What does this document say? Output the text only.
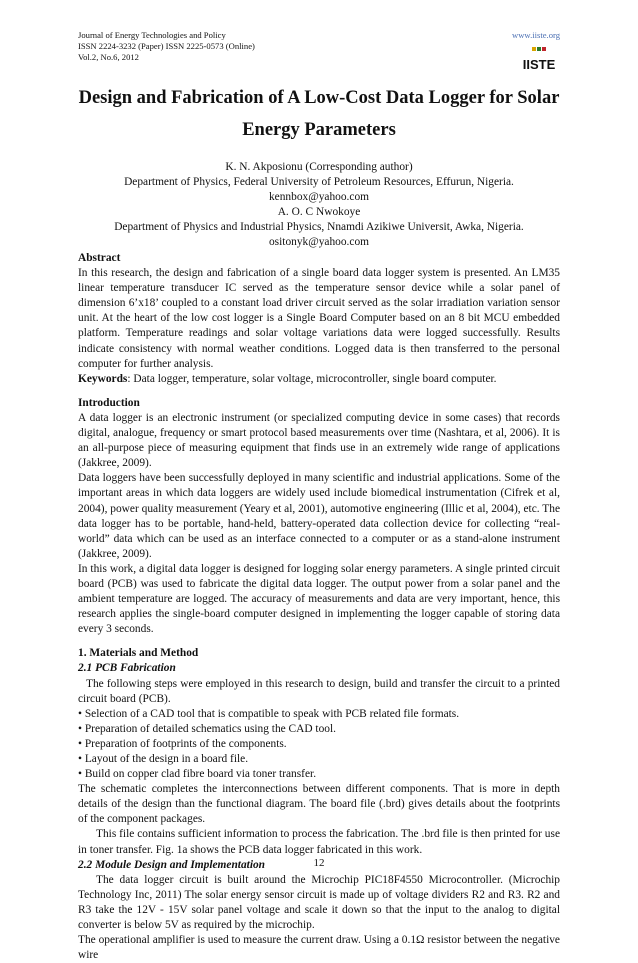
Journal of Energy Technologies and Policy
ISSN 2224-3232 (Paper) ISSN 2225-0573 (Online)
Vol.2, No.6, 2012
www.iiste.org
IISTE
Design and Fabrication of A Low-Cost Data Logger for Solar
Energy Parameters
K. N. Akposionu (Corresponding author)
Department of Physics, Federal University of Petroleum Resources, Effurun, Nigeria.
kennbox@yahoo.com
A. O. C Nwokoye
Department of Physics and Industrial Physics, Nnamdi Azikiwe Universit, Awka, Nigeria.
ositonyk@yahoo.com

Abstract

In this research, the design and fabrication of a single board data logger system is presented. An LM35 linear temperature transducer IC served as the temperature sensor device while a solar panel of dimension 6’x18’ coupled to a constant load driver circuit served as the solar irradiation variation sensor unit. At the heart of the low cost logger is a Single Board Computer based on an 8 bit MCU embedded platform. Temperature readings and solar voltage variations data were logged successfully. Results indicate consistency with normal weather conditions. Logged data is then transferred to the personal computer for further analysis.

Keywords: Data logger, temperature, solar voltage, microcontroller, single board computer.

Introduction

A data logger is an electronic instrument (or specialized computing device in some cases) that records digital, analogue, frequency or smart protocol based measurements over time (Nashtara, et al, 2006). It is an all-purpose piece of measuring equipment that finds use in an extremely wide range of applications (Jakkree, 2009).

Data loggers have been successfully deployed in many scientific and industrial applications. Some of the important areas in which data loggers are widely used include biomedical instrumentation (Cifrek et al, 2004), power quality measurement (Yeary et al, 2001), automotive engineering (Illic et al, 2004), etc. The data logger has to be portable, hand-held, battery-operated data collection device for collecting “real-world” data which can be used as an interface connected to a computer or as a stand-alone instrument (Jakkree, 2009).

In this work, a digital data logger is designed for logging solar energy parameters. A single printed circuit board (PCB) was used to fabricate the digital data logger. The output power from a solar panel and the ambient temperature are logged. The accuracy of measurements and data are very important, hence, this research applies the single-board computer designed in implementing the logger capable of storing data every 3 seconds.

1. Materials and Method

2.1 PCB Fabrication

The following steps were employed in this research to design, build and transfer the circuit to a printed circuit board (PCB).

• Selection of a CAD tool that is compatible to speak with PCB related file formats.

• Preparation of detailed schematics using the CAD tool.

• Preparation of footprints of the components.

• Layout of the design in a board file.

• Build on copper clad fibre board via toner transfer.

The schematic completes the interconnections between different components. That is more in depth details of the design than the functional diagram. The board file (.brd) gives details about the footprints of the component packages.

This file contains sufficient information to process the fabrication. The .brd file is then printed for use in toner transfer. Fig. 1a shows the PCB data logger fabricated in this work.

2.2 Module Design and Implementation

The data logger circuit is built around the Microchip PIC18F4550 Microcontroller. (Microchip Technology Inc, 2011) The solar energy sensor circuit is made up of voltage dividers R2 and R3. R2 and R3 take the 12V - 15V solar panel voltage and scale it down so that the input to the analog to digital converter is below 5V as required by the microchip.

The operational amplifier is used to measure the current draw. Using a 0.1Ω resistor between the negative wire

12
